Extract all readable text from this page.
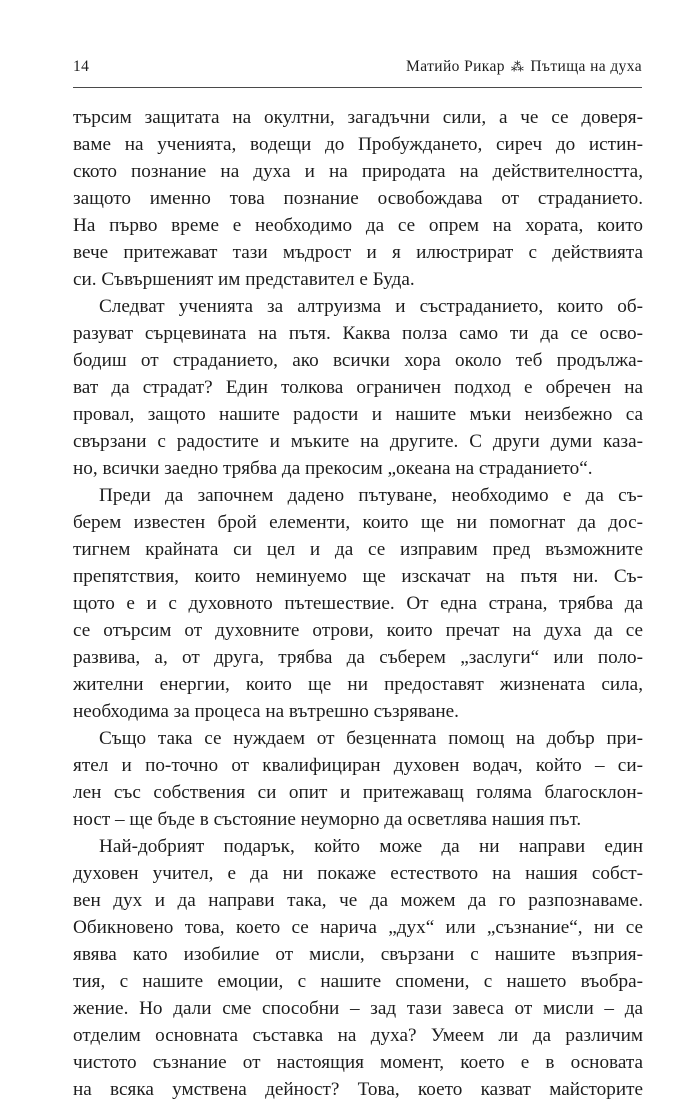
14	Матийо Рикар ⁂ Пътища на духа
търсим защитата на окултни, загадъчни сили, а че се доверя-
ваме на ученията, водещи до Пробуждането, сиреч до истин-
ското познание на духа и на природата на действителността,
защото именно това познание освобождава от страданието.
На първо време е необходимо да се опрем на хората, които
вече притежават тази мъдрост и я илюстрират с действията
си. Съвършеният им представител е Буда.
Следват ученията за алтруизма и състраданието, които об-
разуват сърцевината на пътя. Каква полза само ти да се осво-
бодиш от страданието, ако всички хора около теб продължа-
ват да страдат? Един толкова ограничен подход е обречен на
провал, защото нашите радости и нашите мъки неизбежно са
свързани с радостите и мъките на другите. С други думи каза-
но, всички заедно трябва да прекосим „океана на страданието“.
Преди да започнем дадено пътуване, необходимо е да съ-
берем известен брой елементи, които ще ни помогнат да дос-
тигнем крайната си цел и да се изправим пред възможните
препятствия, които неминуемо ще изскачат на пътя ни. Съ-
щото е и с духовното пътешествие. От една страна, трябва да
се отърсим от духовните отрови, които пречат на духа да се
развива, а, от друга, трябва да съберем „заслуги“ или поло-
жителни енергии, които ще ни предоставят жизнената сила,
необходима за процеса на вътрешно съзряване.
Също така се нуждаем от безценната помощ на добър при-
ятел и по-точно от квалифициран духовен водач, който – си-
лен със собствения си опит и притежаващ голяма благосклон-
ност – ще бъде в състояние неуморно да осветлява нашия път.
Най-добрият подарък, който може да ни направи един
духовен учител, е да ни покаже естеството на нашия собст-
вен дух и да направи така, че да можем да го разпознаваме.
Обикновено това, което се нарича „дух“ или „съзнание“, ни се
явява като изобилие от мисли, свързани с нашите възприя-
тия, с нашите емоции, с нашите спомени, с нашето въобра-
жение. Но дали сме способни – зад тази завеса от мисли – да
отделим основната съставка на духа? Умеем ли да различим
чистото съзнание от настоящия момент, което е в основата
на всяка умствена дейност? Това, което казват майсторите
